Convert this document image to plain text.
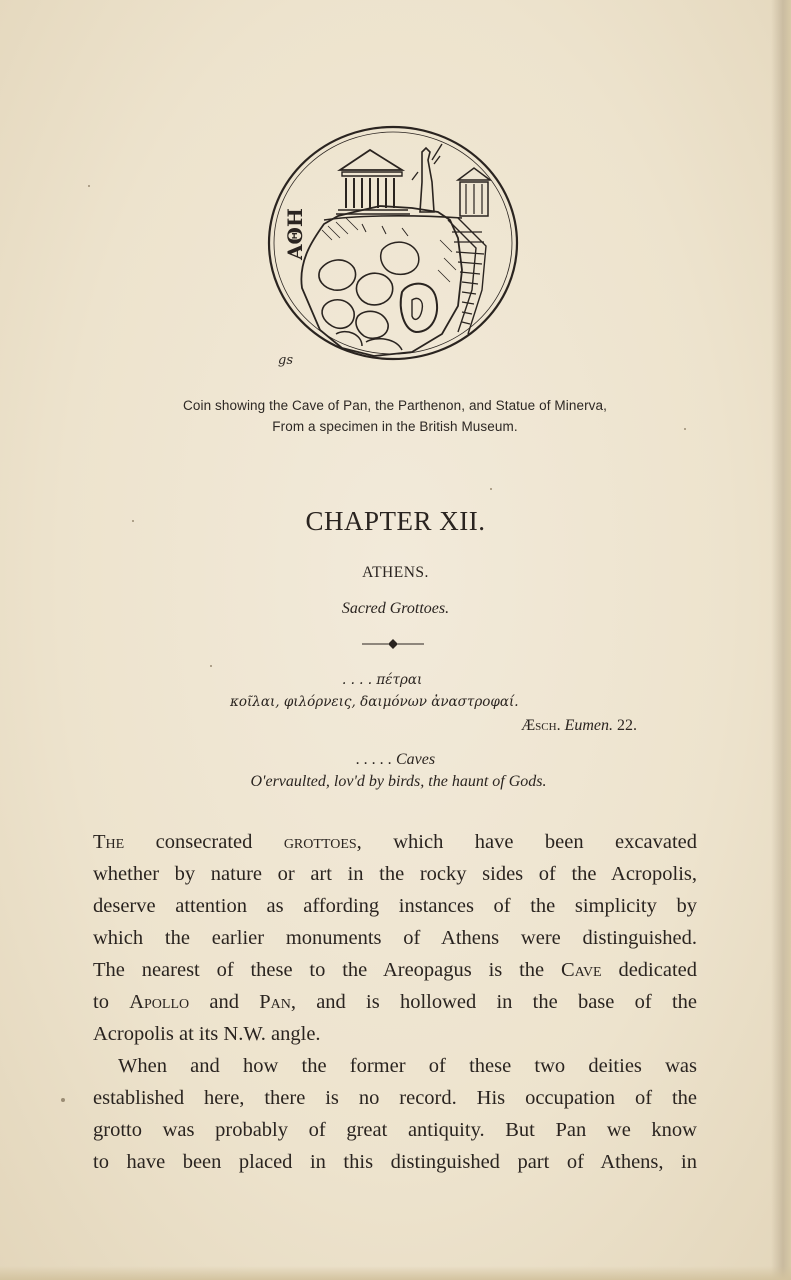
ΑΘΗ
gs
Coin showing the Cave of Pan, the Parthenon, and Statue of Minerva,
From a specimen in the British Museum.
CHAPTER XII.
ATHENS.
Sacred Grottoes.
. . . . πέτραι
κοῖλαι, φιλόρνεις, δαιμόνων ἀναστροφαί.
Æsch. Eumen. 22.
. . . . . Caves
O'ervaulted, lov'd by birds, the haunt of Gods.
The consecrated grottoes, which have been excavated
whether by nature or art in the rocky sides of the Acropolis,
deserve attention as affording instances of the simplicity by
which the earlier monuments of Athens were distinguished.
The nearest of these to the Areopagus is the Cave dedicated
to Apollo and Pan, and is hollowed in the base of the
Acropolis at its N.W. angle.
When and how the former of these two deities was
established here, there is no record. His occupation of the
grotto was probably of great antiquity. But Pan we know
to have been placed in this distinguished part of Athens, in
